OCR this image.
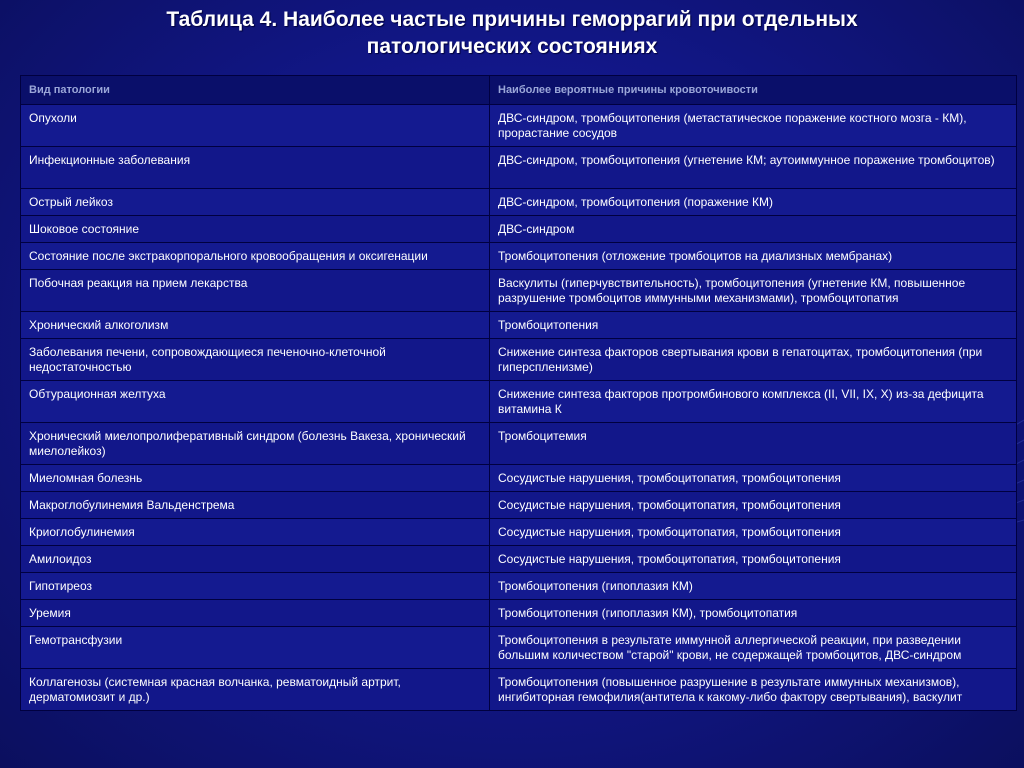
Таблица 4. Наиболее частые причины геморрагий при отдельных
патологических состояниях
Вид патологии	Наиболее вероятные причины кровоточивости
Опухоли	ДВС-синдром, тромбоцитопения (метастатическое поражение костного мозга - КМ), прорастание сосудов
Инфекционные заболевания	ДВС-синдром, тромбоцитопения (угнетение КМ; аутоиммунное поражение тромбоцитов)
Острый лейкоз	ДВС-синдром, тромбоцитопения (поражение КМ)
Шоковое состояние	ДВС-синдром
Состояние после экстракорпорального кровообращения и оксигенации	Тромбоцитопения (отложение тромбоцитов на диализных мембранах)
Побочная реакция на прием лекарства	Васкулиты (гиперчувствительность), тромбоцитопения (угнетение КМ, повышенное разрушение тромбоцитов иммунными механизмами), тромбоцитопатия
Хронический алкоголизм	Тромбоцитопения
Заболевания печени, сопровождающиеся печеночно-клеточной недостаточностью	Снижение синтеза факторов свертывания крови в гепатоцитах, тромбоцитопения (при гиперспленизме)
Обтурационная желтуха	Снижение синтеза факторов протромбинового комплекса (II, VII, IX, X) из-за дефицита витамина К
Хронический миелопролиферативный синдром (болезнь Вакеза, хронический миелолейкоз)	Тромбоцитемия
Миеломная болезнь	Сосудистые нарушения, тромбоцитопатия, тромбоцитопения
Макроглобулинемия Вальденстрема	Сосудистые нарушения, тромбоцитопатия, тромбоцитопения
Криоглобулинемия	Сосудистые нарушения, тромбоцитопатия, тромбоцитопения
Амилоидоз	Сосудистые нарушения, тромбоцитопатия, тромбоцитопения
Гипотиреоз	Тромбоцитопения (гипоплазия КМ)
Уремия	Тромбоцитопения (гипоплазия КМ), тромбоцитопатия
Гемотрансфузии	Тромбоцитопения в результате иммунной аллергической реакции, при разведении большим количеством "старой" крови, не содержащей тромбоцитов, ДВС-синдром
Коллагенозы (системная красная волчанка, ревматоидный артрит, дерматомиозит и др.)	Тромбоцитопения (повышенное разрушение в результате иммунных механизмов), ингибиторная гемофилия(антитела к какому-либо фактору свертывания), васкулит
